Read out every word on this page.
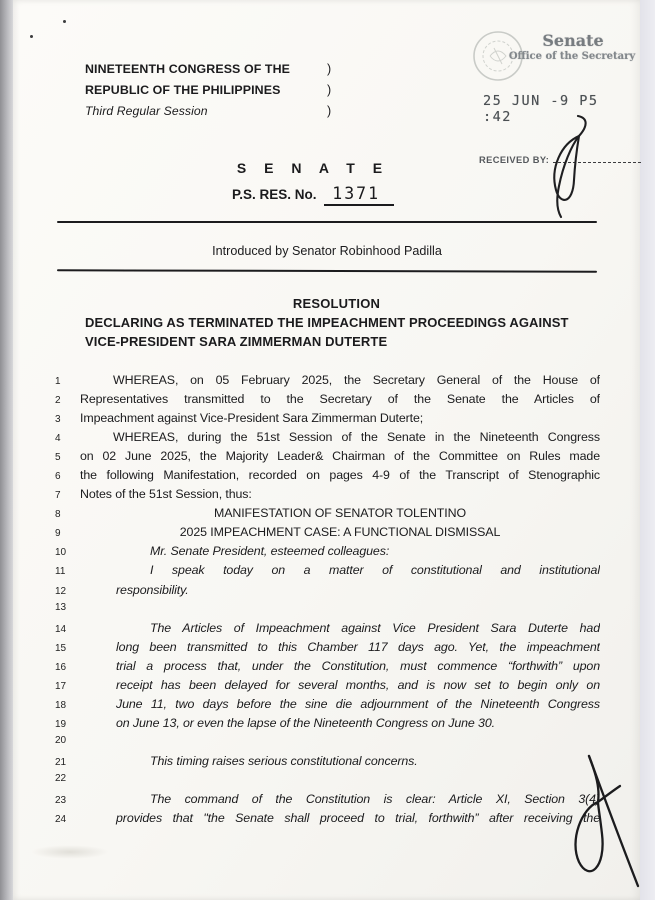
NINETEENTH CONGRESS OF THE	)
REPUBLIC OF THE PHILIPPINES	)
Third Regular Session	)
Senate
Office of the Secretary
25 JUN -9 P5 :42
RECEIVED BY:
S E N A T E
P.S. RES. No. 1371
Introduced by Senator Robinhood Padilla
RESOLUTION
DECLARING AS TERMINATED THE IMPEACHMENT PROCEEDINGS AGAINST
VICE-PRESIDENT SARA ZIMMERMAN DUTERTE
1	WHEREAS, on 05 February 2025, the Secretary General of the House of
2	Representatives transmitted to the Secretary of the Senate the Articles of
3	Impeachment against Vice-President Sara Zimmerman Duterte;
4	WHEREAS, during the 51st Session of the Senate in the Nineteenth Congress
5	on 02 June 2025, the Majority Leader& Chairman of the Committee on Rules made
6	the following Manifestation, recorded on pages 4-9 of the Transcript of Stenographic
7	Notes of the 51st Session, thus:
8	MANIFESTATION OF SENATOR TOLENTINO
9	2025 IMPEACHMENT CASE: A FUNCTIONAL DISMISSAL
10	Mr. Senate President, esteemed colleagues:
11	I speak today on a matter of constitutional and institutional
12	responsibility.
13
14	The Articles of Impeachment against Vice President Sara Duterte had
15	long been transmitted to this Chamber 117 days ago. Yet, the impeachment
16	trial a process that, under the Constitution, must commence “forthwith” upon
17	receipt has been delayed for several months, and is now set to begin only on
18	June 11, two days before the sine die adjournment of the Nineteenth Congress
19	on June 13, or even the lapse of the Nineteenth Congress on June 30.
20
21	This timing raises serious constitutional concerns.
22
23	The command of the Constitution is clear: Article XI, Section 3(4)
24	provides that "the Senate shall proceed to trial, forthwith” after receiving the
